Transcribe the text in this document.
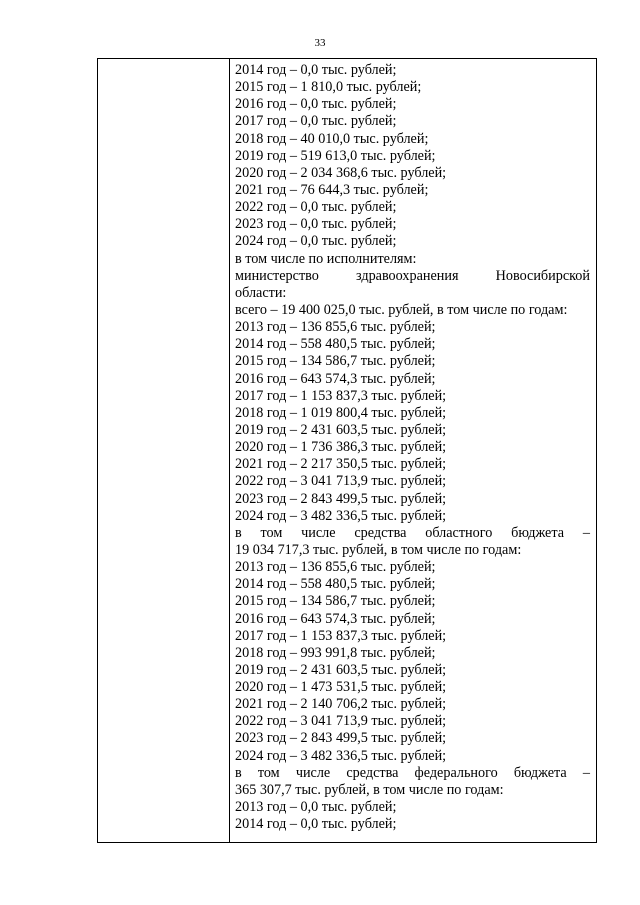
33
2014 год – 0,0 тыс. рублей;
2015 год – 1 810,0 тыс. рублей;
2016 год – 0,0 тыс. рублей;
2017 год – 0,0 тыс. рублей;
2018 год – 40 010,0 тыс. рублей;
2019 год – 519 613,0 тыс. рублей;
2020 год – 2 034 368,6 тыс. рублей;
2021 год – 76 644,3 тыс. рублей;
2022 год – 0,0 тыс. рублей;
2023 год – 0,0 тыс. рублей;
2024 год – 0,0 тыс. рублей;
в том числе по исполнителям:
министерство	здравоохранения	Новосибирской
области:
всего – 19 400 025,0 тыс. рублей, в том числе по годам:
2013 год – 136 855,6 тыс. рублей;
2014 год – 558 480,5 тыс. рублей;
2015 год – 134 586,7 тыс. рублей;
2016 год – 643 574,3 тыс. рублей;
2017 год – 1 153 837,3 тыс. рублей;
2018 год – 1 019 800,4 тыс. рублей;
2019 год – 2 431 603,5 тыс. рублей;
2020 год – 1 736 386,3 тыс. рублей;
2021 год – 2 217 350,5 тыс. рублей;
2022 год – 3 041 713,9 тыс. рублей;
2023 год – 2 843 499,5 тыс. рублей;
2024 год – 3 482 336,5 тыс. рублей;
в том числе средства областного бюджета –
19 034 717,3 тыс. рублей, в том числе по годам:
2013 год – 136 855,6 тыс. рублей;
2014 год – 558 480,5 тыс. рублей;
2015 год – 134 586,7 тыс. рублей;
2016 год – 643 574,3 тыс. рублей;
2017 год – 1 153 837,3 тыс. рублей;
2018 год – 993 991,8 тыс. рублей;
2019 год – 2 431 603,5 тыс. рублей;
2020 год – 1 473 531,5 тыс. рублей;
2021 год – 2 140 706,2 тыс. рублей;
2022 год – 3 041 713,9 тыс. рублей;
2023 год – 2 843 499,5 тыс. рублей;
2024 год – 3 482 336,5 тыс. рублей;
в том числе средства федерального бюджета –
365 307,7 тыс. рублей, в том числе по годам:
2013 год – 0,0 тыс. рублей;
2014 год – 0,0 тыс. рублей;
